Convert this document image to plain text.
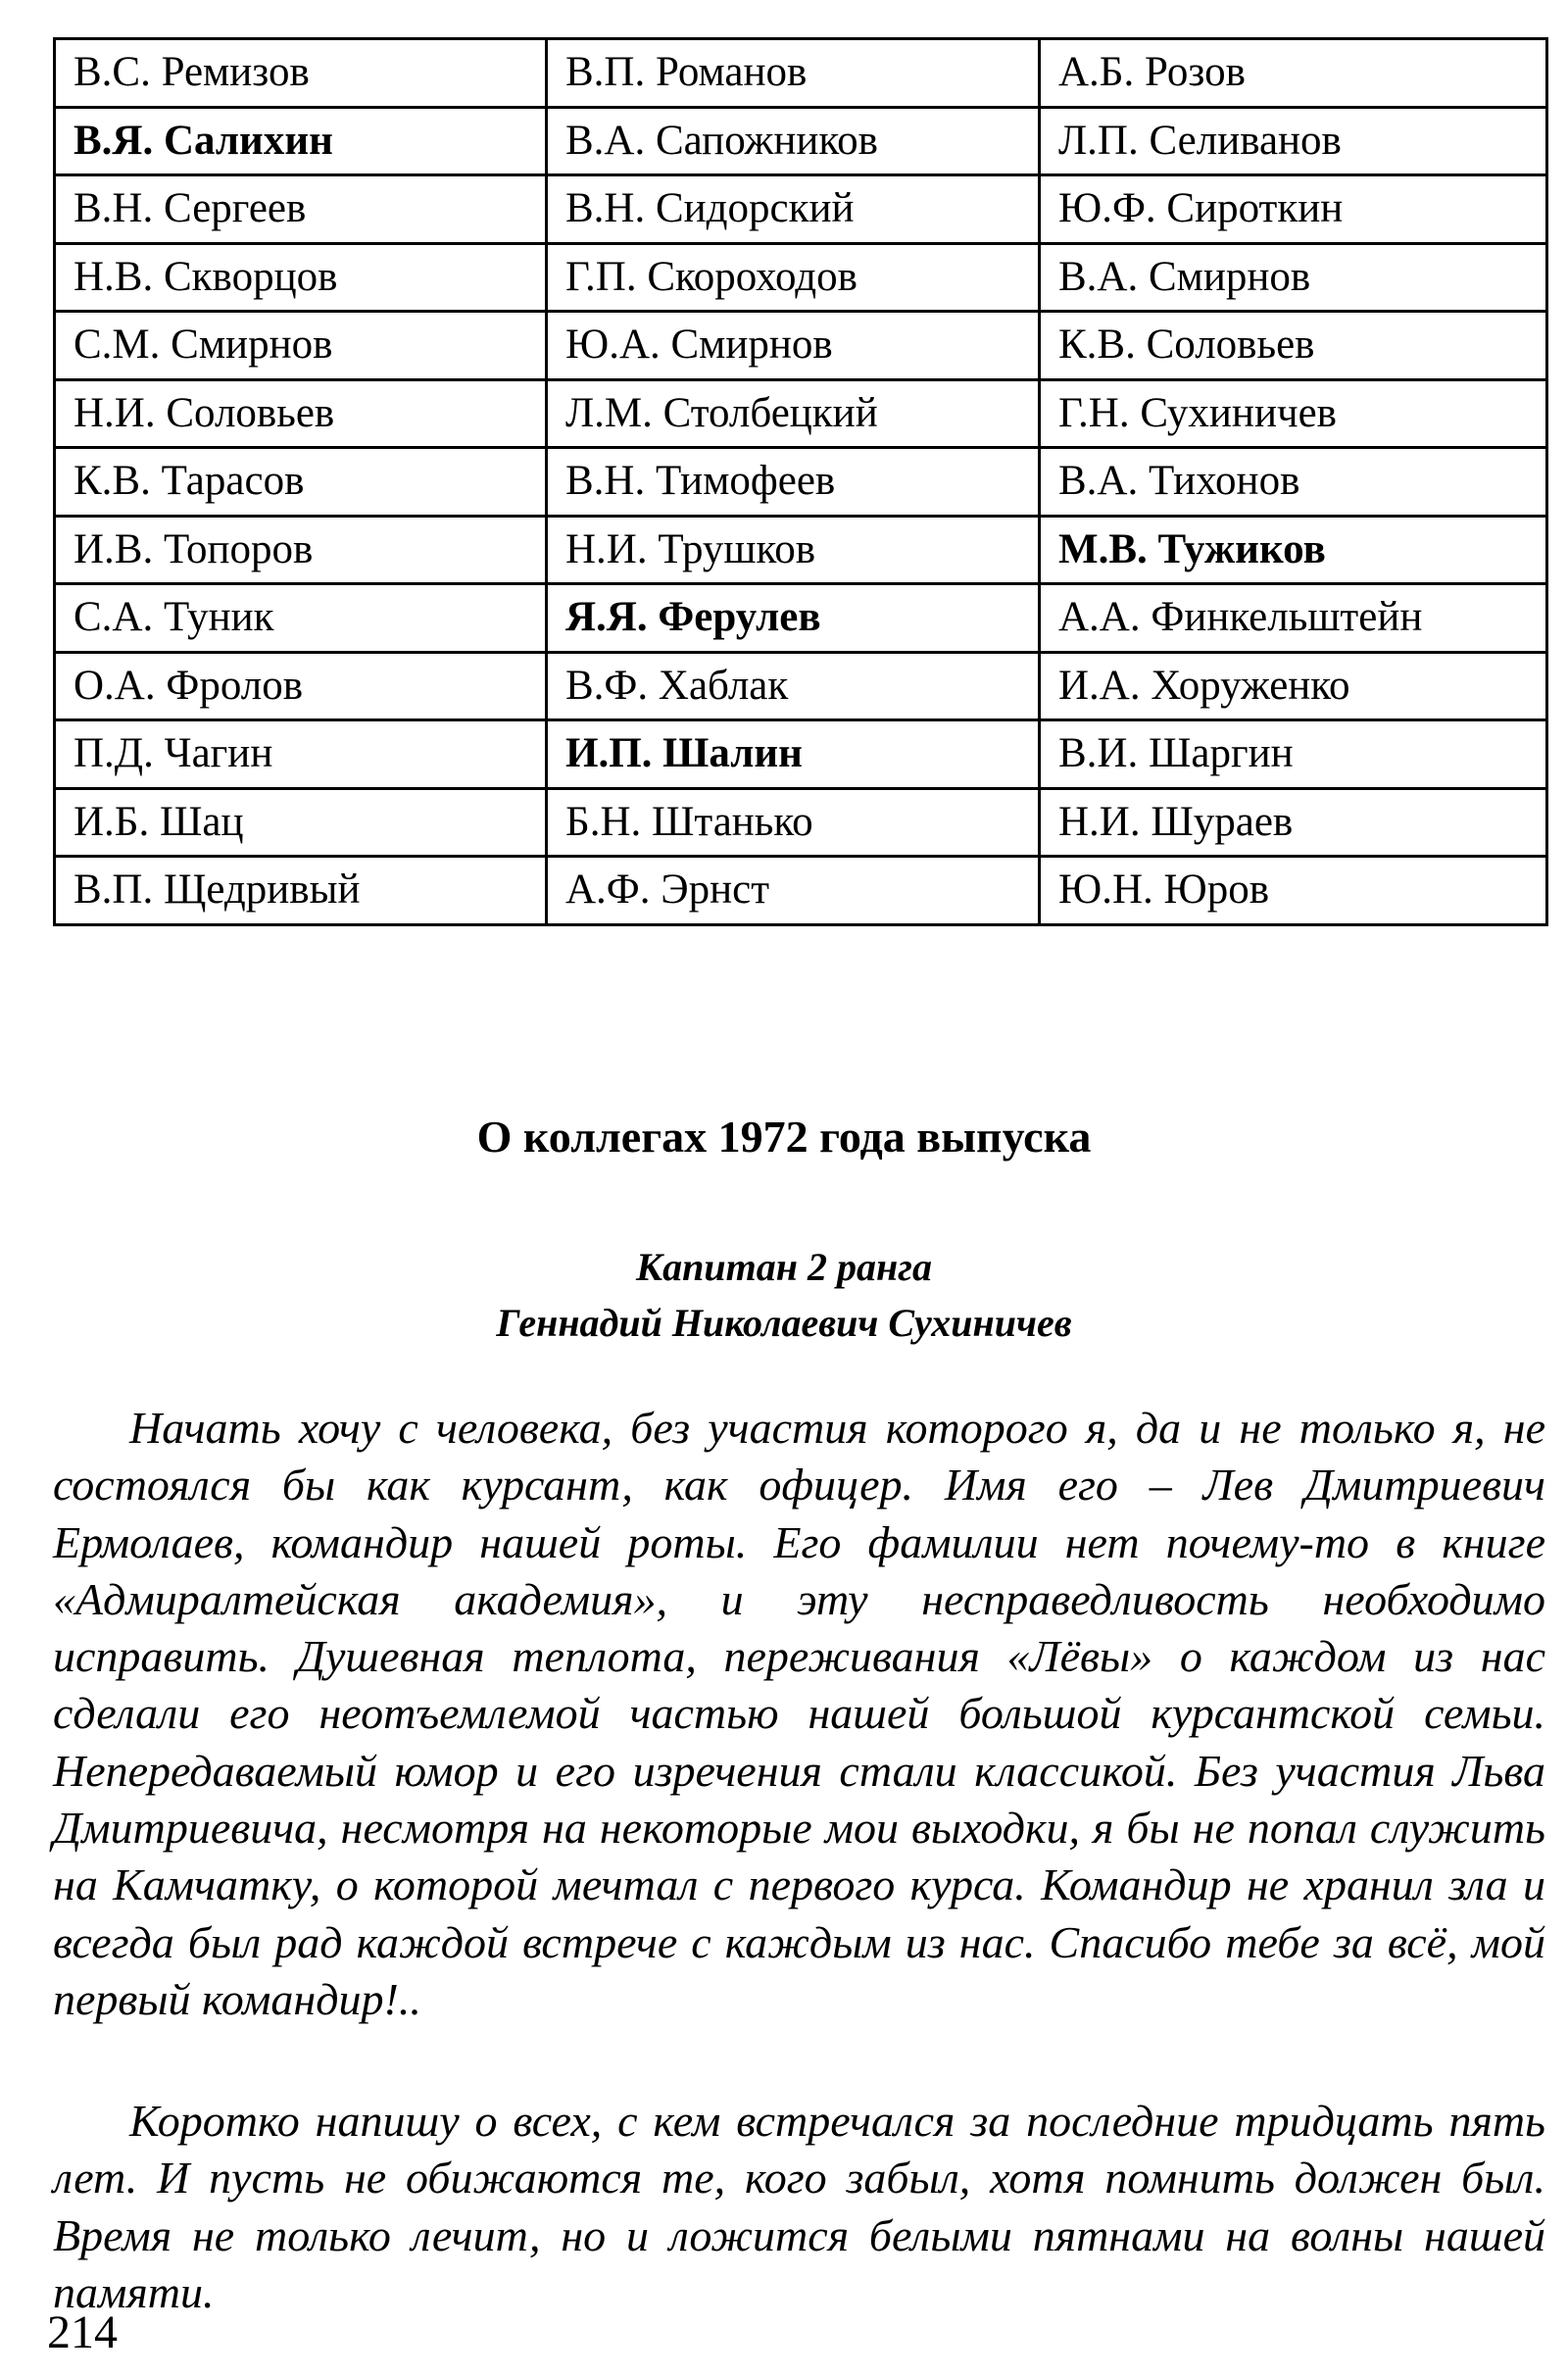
В.С. Ремизов	В.П. Романов	А.Б. Розов
В.Я. Салихин	В.А. Сапожников	Л.П. Селиванов
В.Н. Сергеев	В.Н. Сидорский	Ю.Ф. Сироткин
Н.В. Скворцов	Г.П. Скороходов	В.А. Смирнов
С.М. Смирнов	Ю.А. Смирнов	К.В. Соловьев
Н.И. Соловьев	Л.М. Столбецкий	Г.Н. Сухиничев
К.В. Тарасов	В.Н. Тимофеев	В.А. Тихонов
И.В. Топоров	Н.И. Трушков	М.В. Тужиков
С.А. Туник	Я.Я. Ферулев	А.А. Финкельштейн
О.А. Фролов	В.Ф. Хаблак	И.А. Хоруженко
П.Д. Чагин	И.П. Шалин	В.И. Шаргин
И.Б. Шац	Б.Н. Штанько	Н.И. Шураев
В.П. Щедривый	А.Ф. Эрнст	Ю.Н. Юров
О коллегах 1972 года выпуска
Капитан 2 ранга
Геннадий Николаевич Сухиничев

Начать хочу с человека, без участия которого я, да и не только я, не состоялся бы как курсант, как офицер. Имя его – Лев Дмитриевич Ермолаев, командир нашей роты. Его фамилии нет почему-то в книге «Адмиралтейская академия», и эту несправедливость необходимо исправить. Душевная теплота, переживания «Лёвы» о каждом из нас сделали его неотъемлемой частью нашей большой курсантской семьи. Непередаваемый юмор и его изречения стали классикой. Без участия Льва Дмитриевича, несмотря на некоторые мои выходки, я бы не попал служить на Камчатку, о которой мечтал с первого курса. Командир не хранил зла и всегда был рад каждой встрече с каждым из нас. Спасибо тебе за всё, мой первый командир!..

Коротко напишу о всех, с кем встречался за последние тридцать пять лет. И пусть не обижаются те, кого забыл, хотя помнить должен был. Время не только лечит, но и ложится белыми пятнами на волны нашей памяти.

214
